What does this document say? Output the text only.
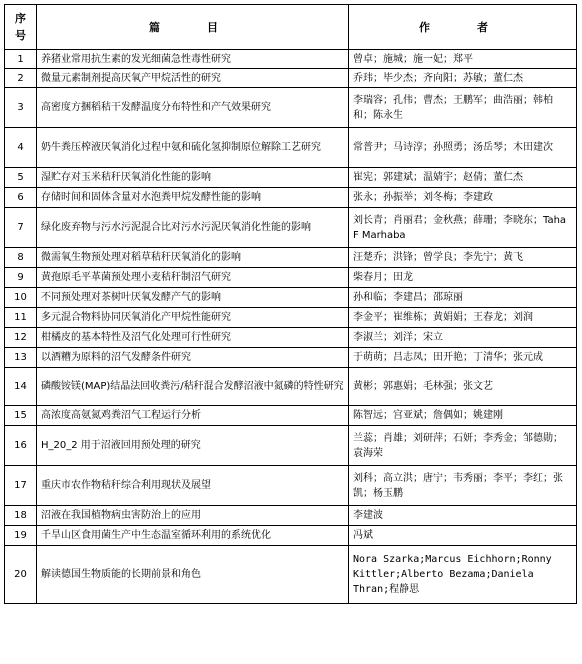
序
号	篇　目	作　者
1	养猪业常用抗生素的发光细菌急性毒性研究	曾卓；施城；施一妃；郑平
2	微量元素制剂提高厌氧产甲烷活性的研究	乔玮；毕少杰；齐向阳；苏敏；董仁杰
3	高密度方捆稻秸干发酵温度分布特性和产气效果研究	李瑞容；孔伟；曹杰；王鹏军；曲浩丽；韩柏和；陈永生
4	奶牛粪压榨液厌氧消化过程中氨和硫化氢抑制原位解除工艺研究	常普尹；马诗淳；孙照勇；汤岳琴；木田建次
5	湿贮存对玉米秸秆厌氧消化性能的影响	崔宪；郭建斌；温婧宇；赵倩；董仁杰
6	存储时间和固体含量对水泡粪甲烷发酵性能的影响	张永；孙振举；刘冬梅；李建政
7	绿化废弃物与污水污泥混合比对污水污泥厌氧消化性能的影响	刘长青；肖丽君；金秋燕；薛珊；李晓东；Taha F Marhaba
8	微需氧生物预处理对稻草秸秆厌氧消化的影响	汪楚乔；洪锋；曾学良；李先宁；黄飞
9	黄孢原毛平革菌预处理小麦秸秆制沼气研究	柴春月；田龙
10	不同预处理对茶树叶厌氧发酵产气的影响	孙和临；李建昌；邵琼丽
11	多元混合物料协同厌氧消化产甲烷性能研究	李金平；崔维栋；黄娟娟；王春龙；刘润
12	柑橘皮的基本特性及沼气化处理可行性研究	李淑兰；刘洋；宋立
13	以酒糟为原料的沼气发酵条件研究	于萌萌；吕志凤；田开艳；丁清华；张元成
14	磷酸铵镁(MAP)结晶法回收粪污/秸秆混合发酵沼液中氮磷的特性研究	黄彬；郭惠娟；毛林强；张文艺
15	高浓度高氨氮鸡粪沼气工程运行分析	陈智远；宫亚斌；詹偶如；姚建刚
16	H_20_2 用于沼液回用预处理的研究	兰蕊；肖雄；刘研萍；石妍；李秀金；邹德勋；袁海荣
17	重庆市农作物秸秆综合利用现状及展望	刘科；高立洪；唐宁；韦秀丽；李平；李红；张凯；杨玉鹏
18	沼液在我国植物病虫害防治上的应用	李建波
19	千旱山区食用菌生产中生态温室循环利用的系统优化	冯斌
20	解读德国生物质能的长期前景和角色	Nora Szarka;Marcus Eichhorn;Ronny Kittler;Alberto Bezama;Daniela Thran;程静思
